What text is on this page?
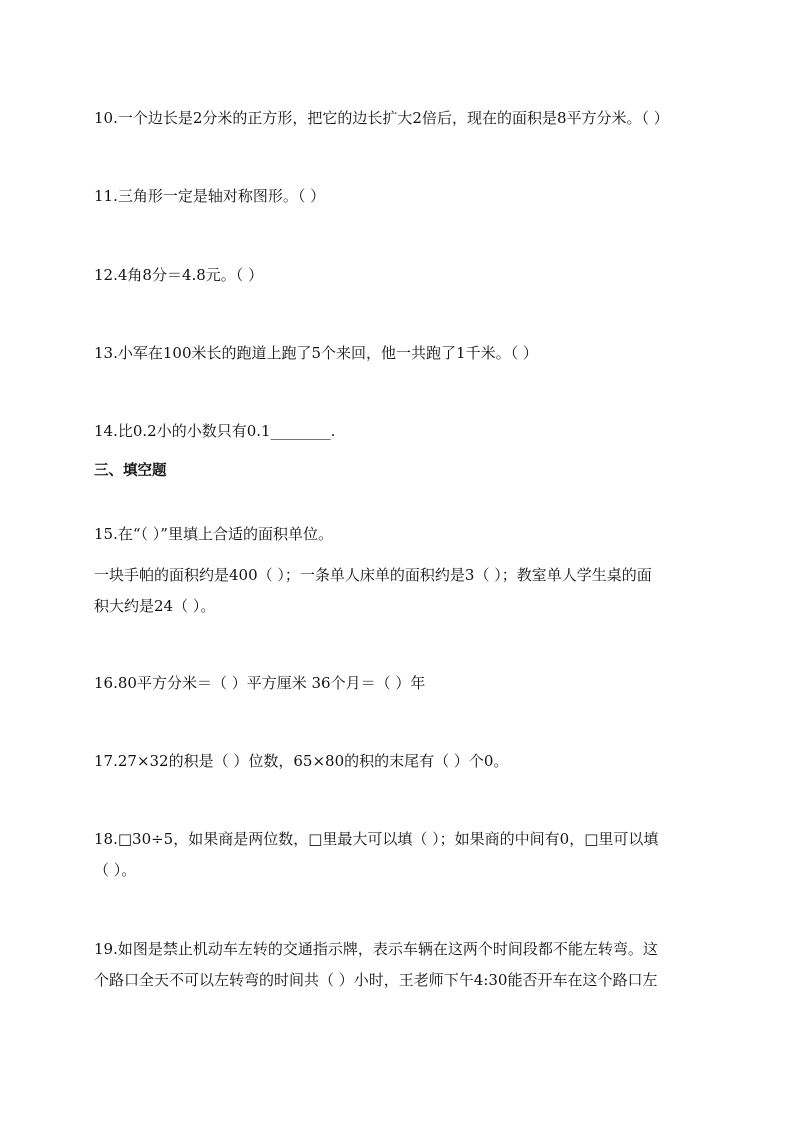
10.一个边长是2分米的正方形，把它的边长扩大2倍后，现在的面积是8平方分米。（ ）
11.三角形一定是轴对称图形。（ ）
12.4角8分＝4.8元。（ ）
13.小军在100米长的跑道上跑了5个来回，他一共跑了1千米。（ ）
14.比0.2小的小数只有0.1________.
三、填空题
15.在“（ ）”里填上合适的面积单位。
一块手帕的面积约是400（ ）；一条单人床单的面积约是3（ ）；教室单人学生桌的面
积大约是24（ ）。
16.80平方分米＝（ ）平方厘米 36个月＝（ ）年
17.27×32的积是（ ）位数，65×80的积的末尾有（ ）个0。
18.□30÷5，如果商是两位数，□里最大可以填（ ）；如果商的中间有0，□里可以填
（ ）。
19.如图是禁止机动车左转的交通指示牌，表示车辆在这两个时间段都不能左转弯。这
个路口全天不可以左转弯的时间共（ ）小时，王老师下午4:30能否开车在这个路口左
